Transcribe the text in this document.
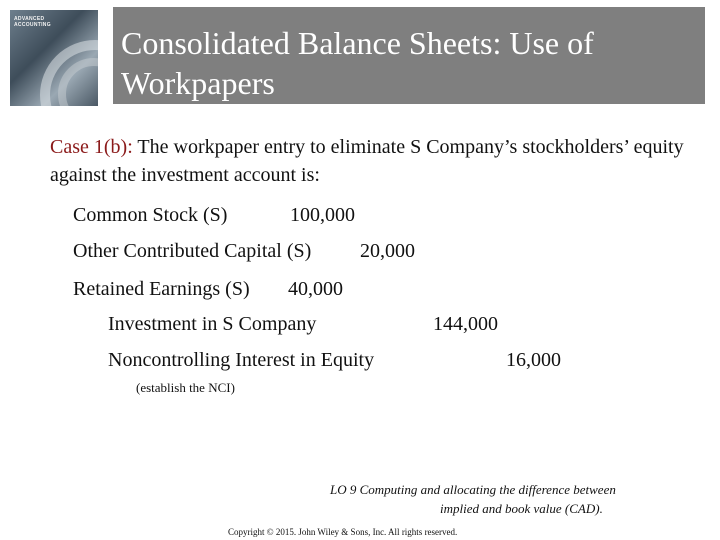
ADVANCED
ACCOUNTING Consolidated Balance Sheets: Use of
Workpapers
Case 1(b): The workpaper entry to eliminate S Company’s stockholders’ equity against the investment account is:
Common Stock (S)	100,000
Other Contributed Capital (S) 20,000
Retained Earnings (S) 40,000
Investment in S Company	144,000
Noncontrolling Interest in Equity	16,000
(establish the NCI)
LO 9 Computing and allocating the difference between
implied and book value (CAD).
Copyright © 2015. John Wiley & Sons, Inc. All rights reserved.
